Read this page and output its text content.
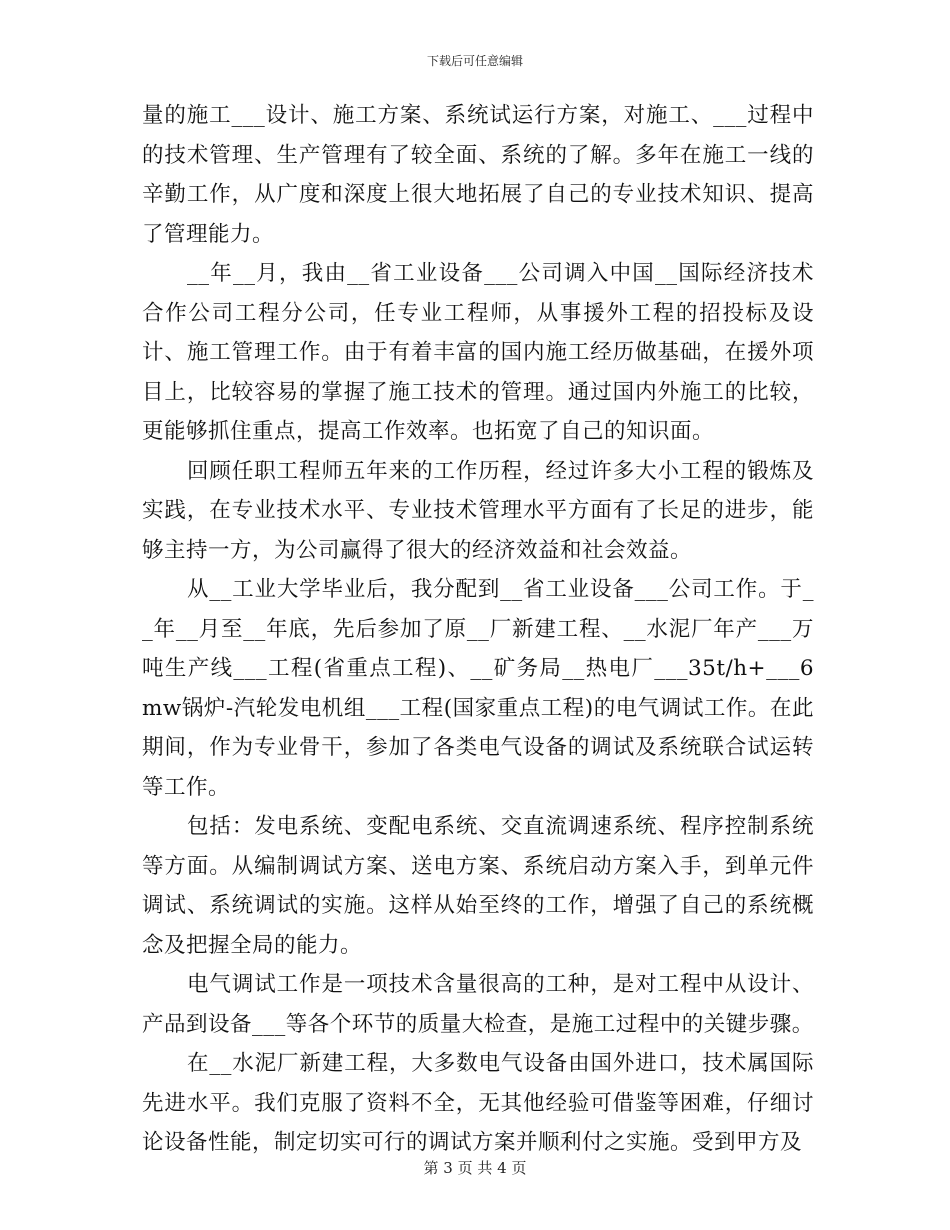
下载后可任意编辑

量的施工___设计、施工方案、系统试运行方案，对施工、___过程中的技术管理、生产管理有了较全面、系统的了解。多年在施工一线的辛勤工作，从广度和深度上很大地拓展了自己的专业技术知识、提高了管理能力。

__年__月，我由__省工业设备___公司调入中国__国际经济技术合作公司工程分公司，任专业工程师，从事援外工程的招投标及设计、施工管理工作。由于有着丰富的国内施工经历做基础，在援外项目上，比较容易的掌握了施工技术的管理。通过国内外施工的比较，更能够抓住重点，提高工作效率。也拓宽了自己的知识面。

回顾任职工程师五年来的工作历程，经过许多大小工程的锻炼及实践，在专业技术水平、专业技术管理水平方面有了长足的进步，能够主持一方，为公司赢得了很大的经济效益和社会效益。

从__工业大学毕业后，我分配到__省工业设备___公司工作。于__年__月至__年底，先后参加了原__厂新建工程、__水泥厂年产___万吨生产线___工程(省重点工程)、__矿务局__热电厂___35t/h+___6mw锅炉-汽轮发电机组___工程(国家重点工程)的电气调试工作。在此期间，作为专业骨干，参加了各类电气设备的调试及系统联合试运转等工作。

包括：发电系统、变配电系统、交直流调速系统、程序控制系统等方面。从编制调试方案、送电方案、系统启动方案入手，到单元件调试、系统调试的实施。这样从始至终的工作，增强了自己的系统概念及把握全局的能力。

电气调试工作是一项技术含量很高的工种，是对工程中从设计、产品到设备___等各个环节的质量大检查，是施工过程中的关键步骤。

在__水泥厂新建工程，大多数电气设备由国外进口，技术属国际先进水平。我们克服了资料不全，无其他经验可借鉴等困难，仔细讨论设备性能，制定切实可行的调试方案并顺利付之实施。受到甲方及

第 3 页 共 4 页
